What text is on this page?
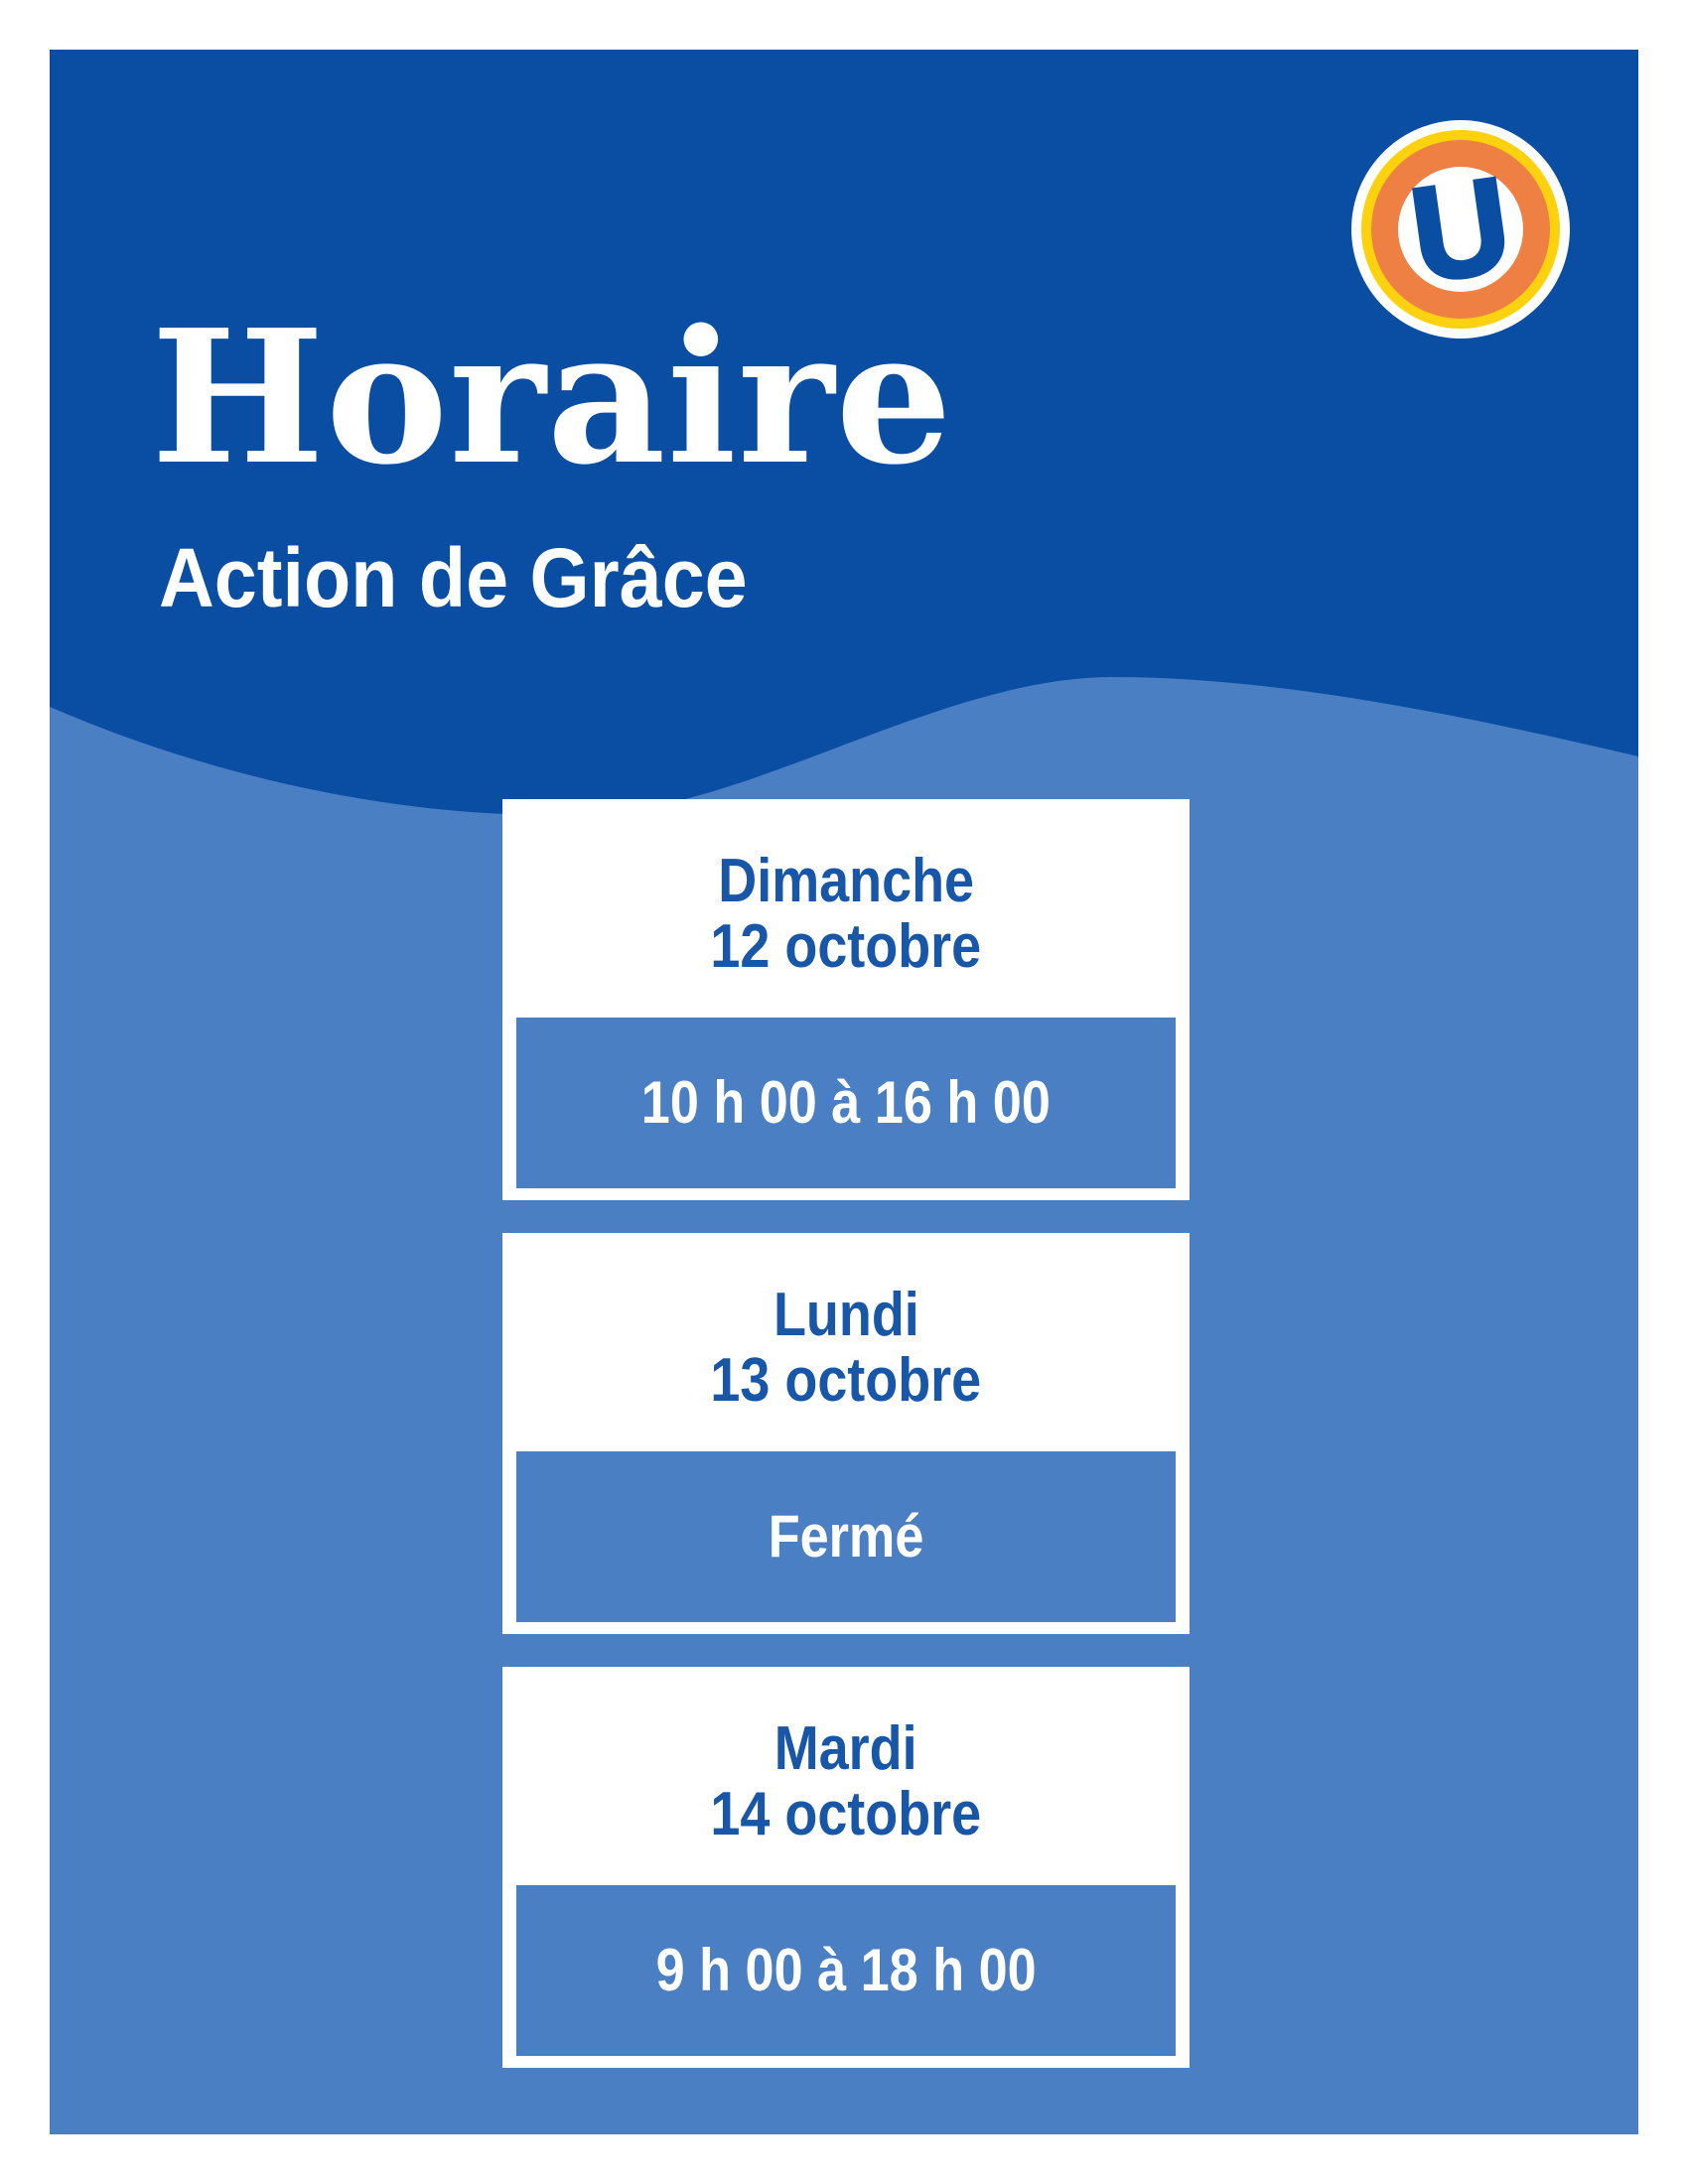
U
Horaire
Action de Grâce
Dimanche
12 octobre
10 h 00 à 16 h 00
Lundi
13 octobre
Fermé
Mardi
14 octobre
9 h 00 à 18 h 00
